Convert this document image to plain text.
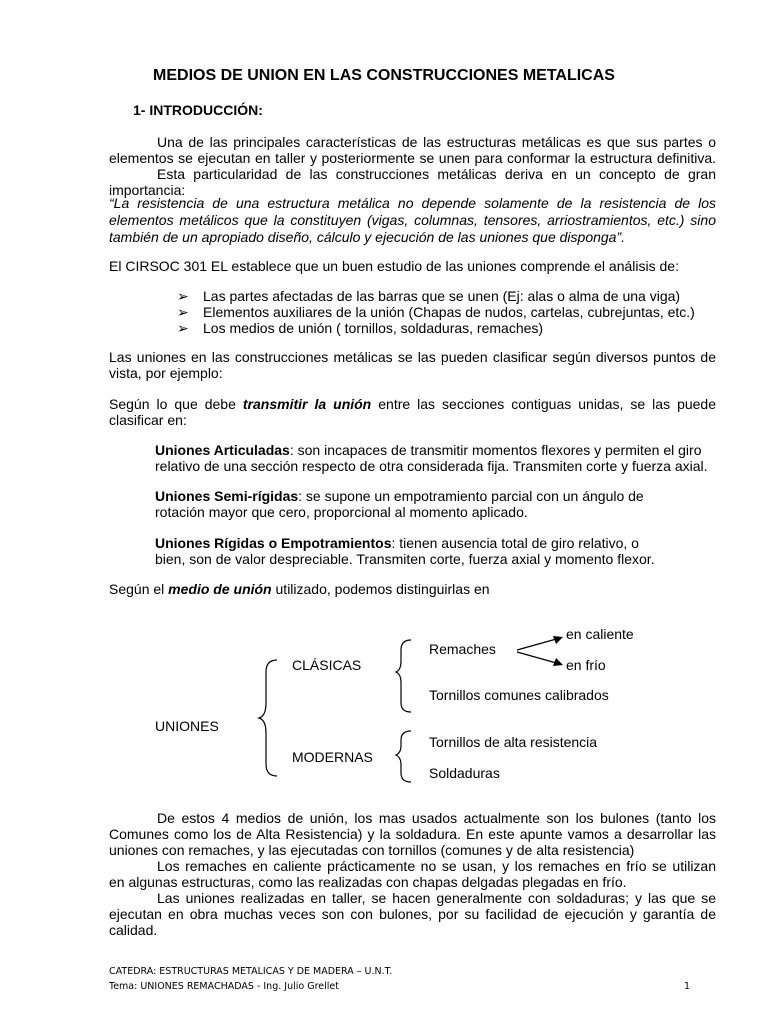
MEDIOS DE UNION EN LAS CONSTRUCCIONES METALICAS
1- INTRODUCCIÓN:
Una de las principales características de las estructuras metálicas es que sus partes o
elementos se ejecutan en taller y posteriormente se unen para conformar la estructura definitiva.
Esta particularidad de las construcciones metálicas deriva en un concepto de gran
importancia:
“La resistencia de una estructura metálica no depende solamente de la resistencia de los
elementos metálicos que la constituyen (vigas, columnas, tensores, arriostramientos, etc.) sino
también de un apropiado diseño, cálculo y ejecución de las uniones que disponga”.
El CIRSOC 301 EL establece que un buen estudio de las uniones comprende el análisis de:
➢ Las partes afectadas de las barras que se unen (Ej: alas o alma de una viga)
➢ Elementos auxiliares de la unión (Chapas de nudos, cartelas, cubrejuntas, etc.)
➢ Los medios de unión ( tornillos, soldaduras, remaches)
Las uniones en las construcciones metálicas se las pueden clasificar según diversos puntos de
vista, por ejemplo:
Según lo que debe transmitir la unión entre las secciones contiguas unidas, se las puede
clasificar en:
Uniones Articuladas: son incapaces de transmitir momentos flexores y permiten el giro
relativo de una sección respecto de otra considerada fija. Transmiten corte y fuerza axial.
Uniones Semi-rígidas: se supone un empotramiento parcial con un ángulo de
rotación mayor que cero, proporcional al momento aplicado.
Uniones Rígidas o Empotramientos: tienen ausencia total de giro relativo, o
bien, son de valor despreciable. Transmiten corte, fuerza axial y momento flexor.
Según el medio de unión utilizado, podemos distinguirlas en
UNIONES
CLÁSICAS
MODERNAS
Remaches
en caliente
en frío
Tornillos comunes calibrados
Tornillos de alta resistencia
Soldaduras
De estos 4 medios de unión, los mas usados actualmente son los bulones (tanto los
Comunes como los de Alta Resistencia) y la soldadura. En este apunte vamos a desarrollar las
uniones con remaches, y las ejecutadas con tornillos (comunes y de alta resistencia)
Los remaches en caliente prácticamente no se usan, y los remaches en frío se utilizan
en algunas estructuras, como las realizadas con chapas delgadas plegadas en frío.
Las uniones realizadas en taller, se hacen generalmente con soldaduras; y las que se
ejecutan en obra muchas veces son con bulones, por su facilidad de ejecución y garantía de
calidad.
CATEDRA: ESTRUCTURAS METALICAS Y DE MADERA – U.N.T.
Tema: UNIONES REMACHADAS - Ing. Julio Grellet	1
